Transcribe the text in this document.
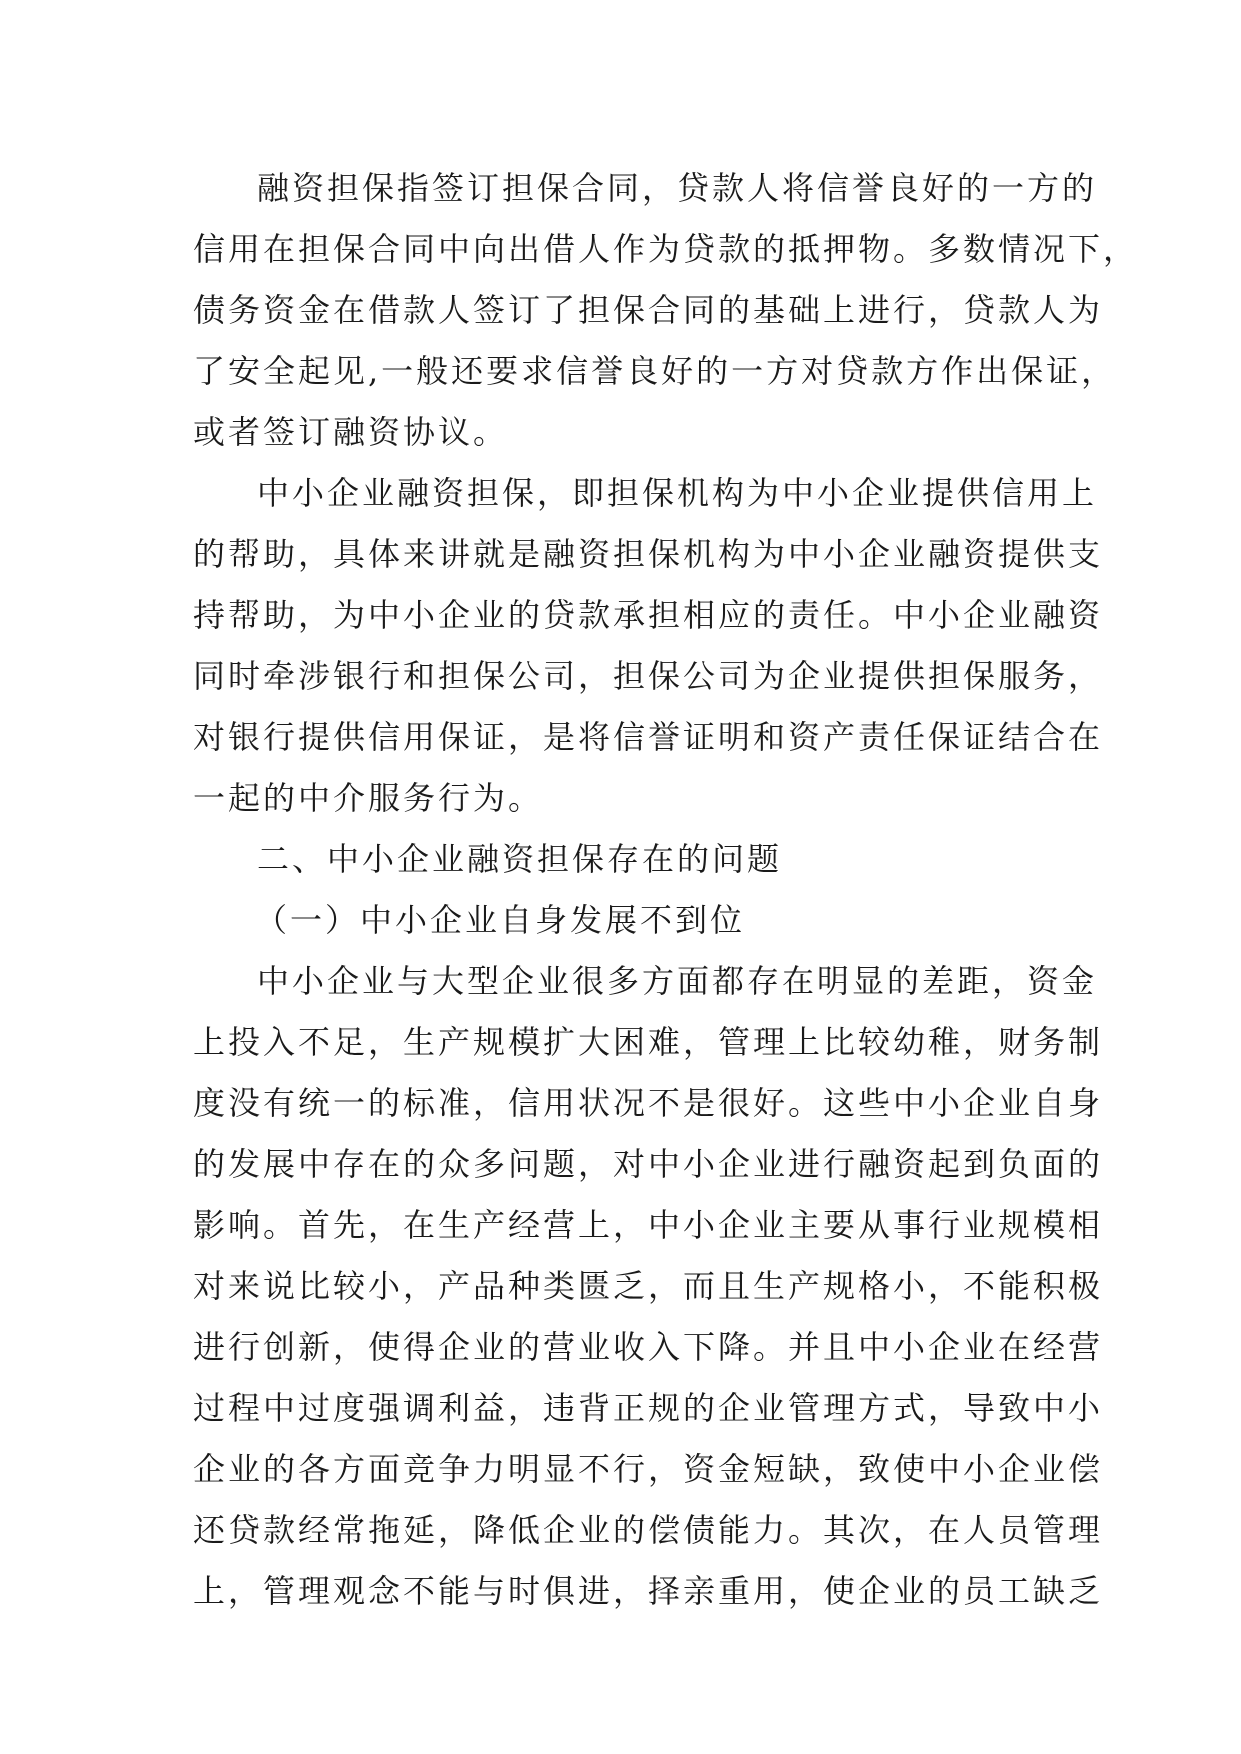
融资担保指签订担保合同，贷款人将信誉良好的一方的
信用在担保合同中向出借人作为贷款的抵押物。多数情况下，
债务资金在借款人签订了担保合同的基础上进行，贷款人为
了安全起见,一般还要求信誉良好的一方对贷款方作出保证，
或者签订融资协议。
中小企业融资担保，即担保机构为中小企业提供信用上
的帮助，具体来讲就是融资担保机构为中小企业融资提供支
持帮助，为中小企业的贷款承担相应的责任。中小企业融资
同时牵涉银行和担保公司，担保公司为企业提供担保服务，
对银行提供信用保证，是将信誉证明和资产责任保证结合在
一起的中介服务行为。
二、中小企业融资担保存在的问题
（一）中小企业自身发展不到位
中小企业与大型企业很多方面都存在明显的差距，资金
上投入不足，生产规模扩大困难，管理上比较幼稚，财务制
度没有统一的标准，信用状况不是很好。这些中小企业自身
的发展中存在的众多问题，对中小企业进行融资起到负面的
影响。首先，在生产经营上，中小企业主要从事行业规模相
对来说比较小，产品种类匮乏，而且生产规格小，不能积极
进行创新，使得企业的营业收入下降。并且中小企业在经营
过程中过度强调利益，违背正规的企业管理方式，导致中小
企业的各方面竞争力明显不行，资金短缺，致使中小企业偿
还贷款经常拖延，降低企业的偿债能力。其次，在人员管理
上，管理观念不能与时俱进，择亲重用，使企业的员工缺乏
